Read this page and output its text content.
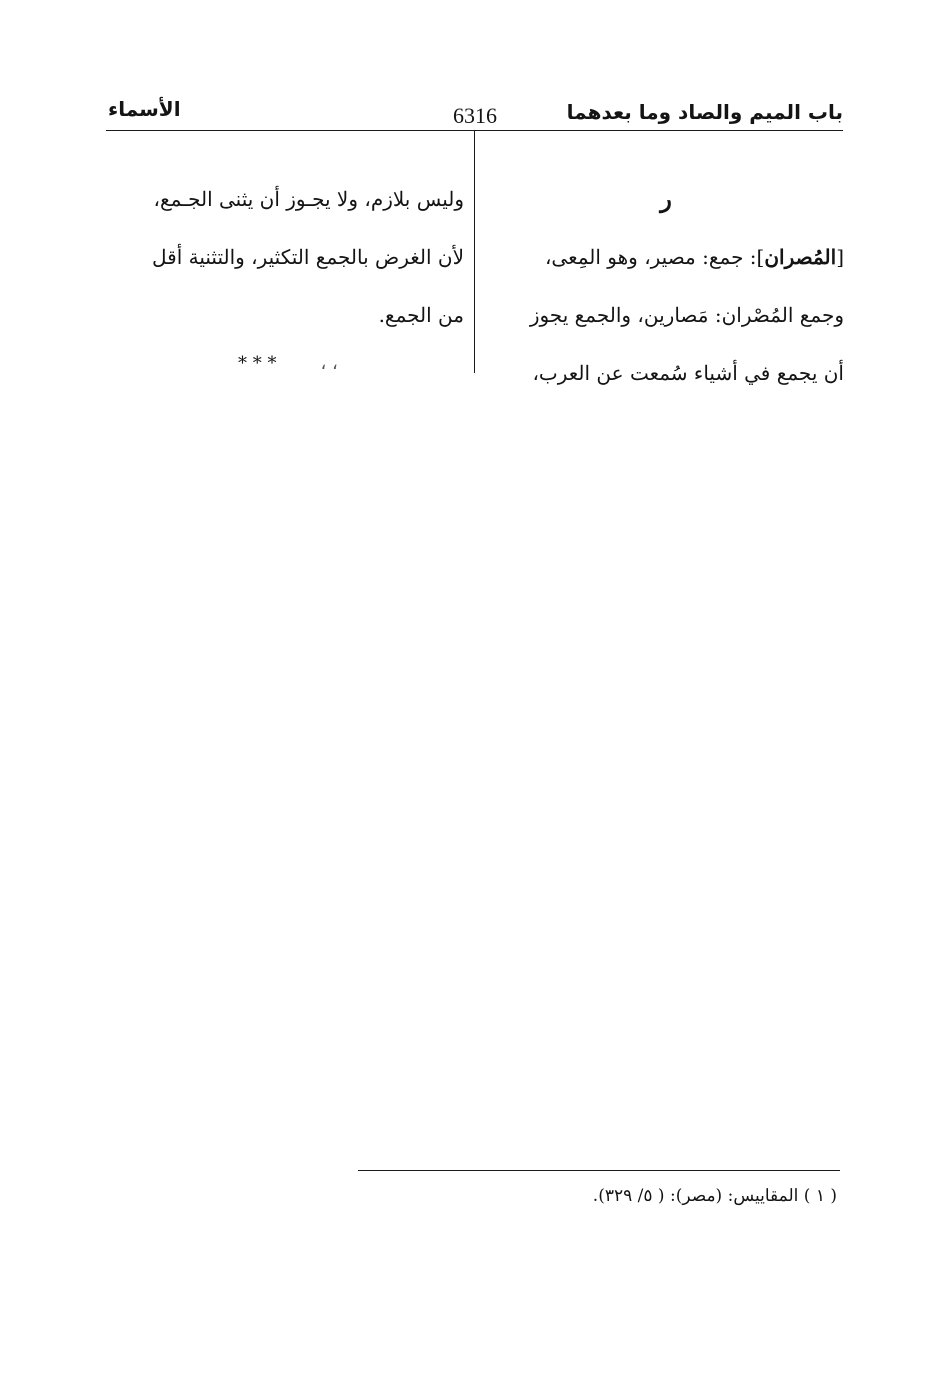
باب الميم والصاد وما بعدهما
6316
الأسماء
ر
[المُصران]: جمع: مصير، وهو المِعى،
وجمع المُصْران: مَصارين، والجمع يجوز
أن يجمع في أشياء سُمعت عن العرب،
وليس بلازم، ولا يجـوز أن يثنى الجـمع،
لأن الغرض بالجمع التكثير، والتثنية أقل
من الجمع.
* * * ، ،
( ١ ) المقاييس: (مصر): ( ٥/ ٣٢٩).
